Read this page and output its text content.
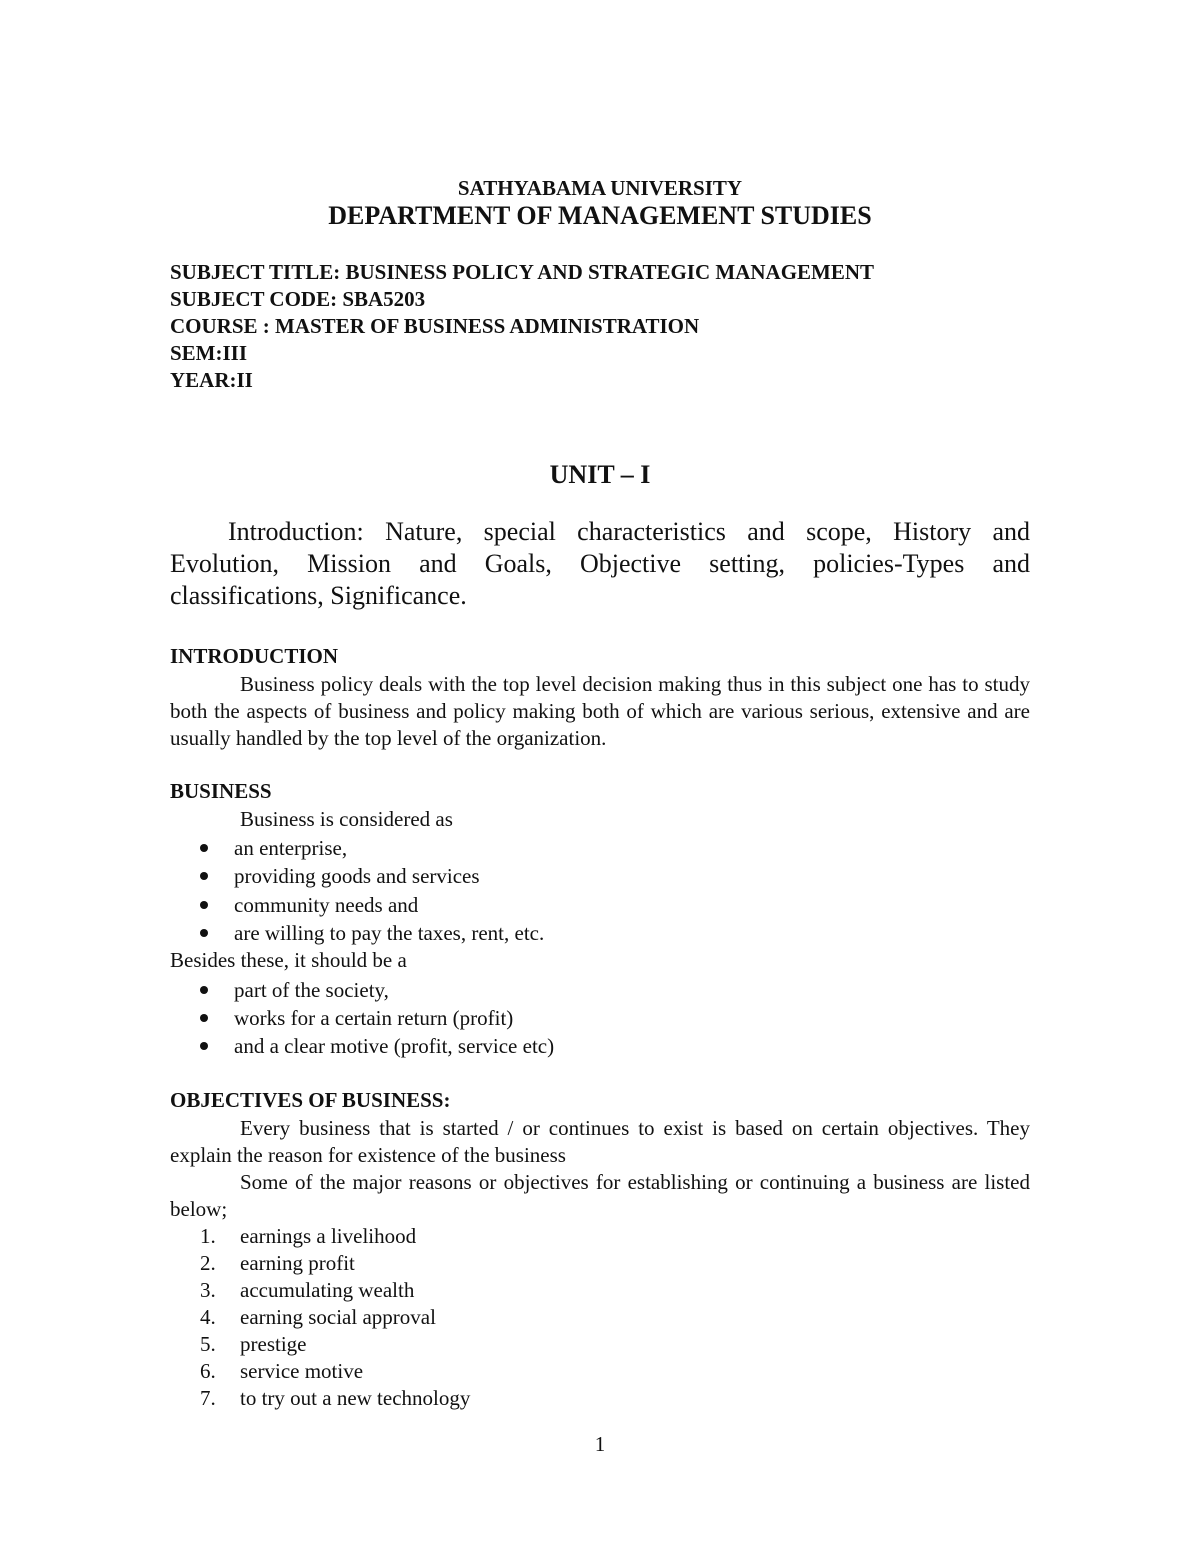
SATHYABAMA UNIVERSITY
DEPARTMENT OF MANAGEMENT STUDIES
SUBJECT TITLE: BUSINESS POLICY AND STRATEGIC MANAGEMENT
SUBJECT CODE: SBA5203
COURSE : MASTER OF BUSINESS ADMINISTRATION
SEM:III
YEAR:II
UNIT – I
Introduction: Nature, special characteristics and scope, History and Evolution, Mission and Goals, Objective setting, policies-Types and classifications, Significance.
INTRODUCTION
Business policy deals with the top level decision making thus in this subject one has to study both the aspects of business and policy making both of which are various serious, extensive and are usually handled by the top level of the organization.
BUSINESS
Business is considered as
an enterprise,
providing goods and services
community needs and
are willing to pay the taxes, rent, etc.
Besides these, it should be a
part of the society,
works for a certain return (profit)
and a clear motive (profit, service etc)
OBJECTIVES OF BUSINESS:
Every business that is started / or continues to exist is based on certain objectives. They explain the reason for existence of the business
Some of the major reasons or objectives for establishing or continuing a business are listed below;
1. earnings a livelihood
2. earning profit
3. accumulating wealth
4. earning social approval
5. prestige
6. service motive
7. to try out a new technology
1
